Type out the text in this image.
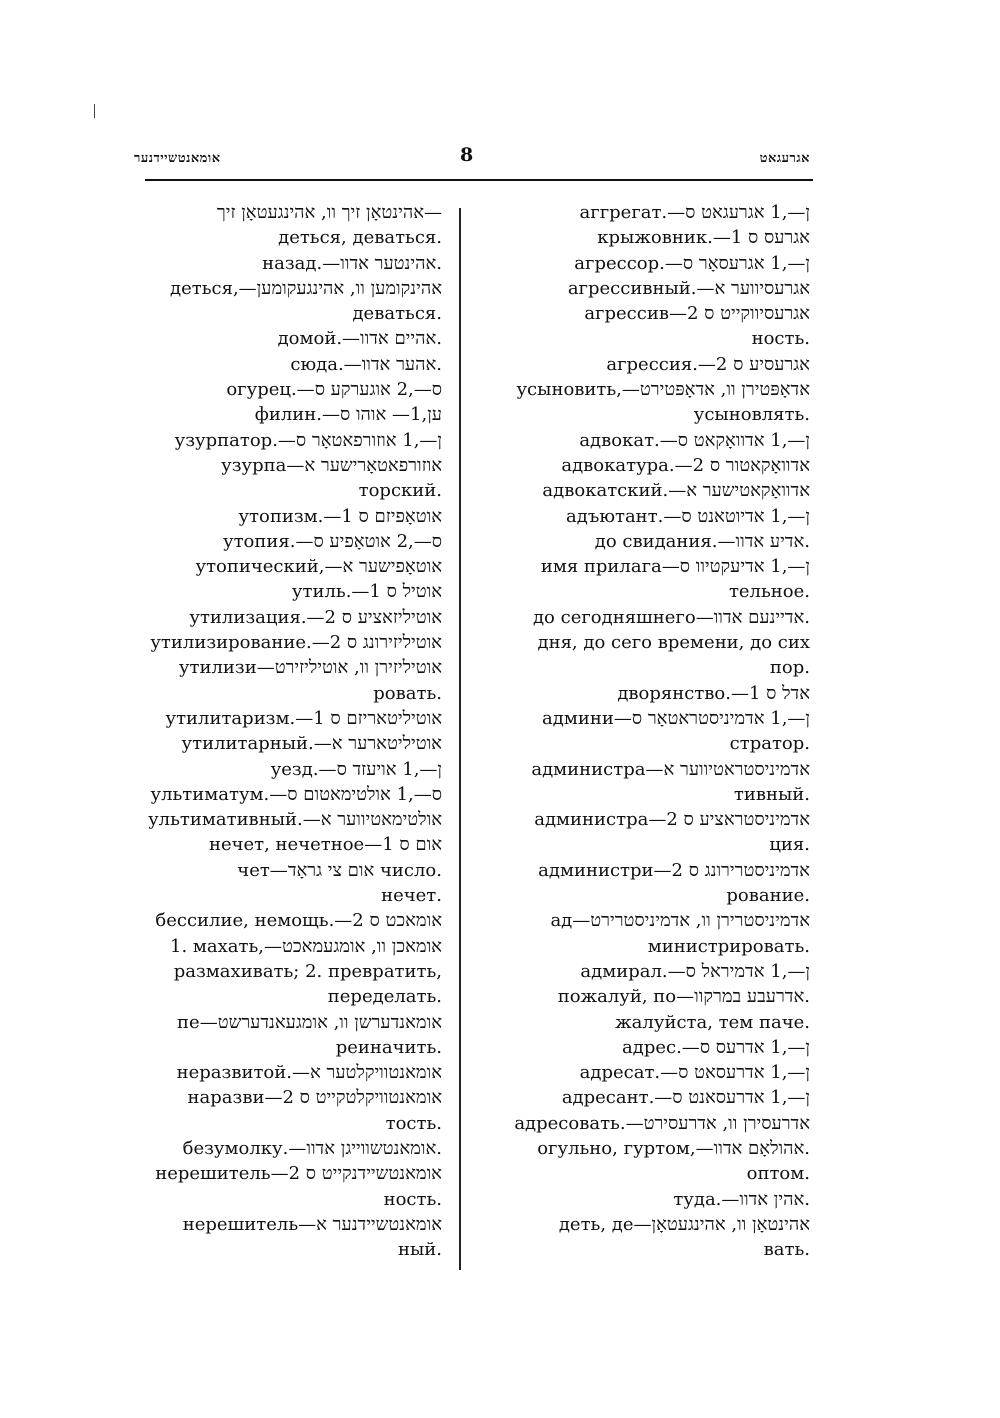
אומאנטשיידנער	8	אגרעגאט
אהינטאָן זיך וו, אהינגעטאָן זיך—
деться, деваться.
назад.—אהינטער אדוו.
деться,—אהינקומען וו, אהינגעקומען
деваться.
домой.—אהיים אדוו.
сюда.—אהער אדוו.
огурец.—ס—,2 אוגערקע ס
филин.—ען,1— אוהו ס
узурпатор.—ן—,1 אוזורפאטאָר ס
узурпа—אוזורפאטאָרישער א
торский.
утопизм.—1 אוטאָפיזם ס
утопия.—ס—,2 אוטאָפיע ס
утопический,—אוטאָפישער א
утиль.—1 אוטיל ס
утилизация.—2 אוטיליזאציע ס
утилизирование.—2 אוטיליזירונג ס
утилизи—אוטיליזירן וו, אוטיליזירט
ровать.
утилитаризм.—1 אוטיליטאריזם ס
утилитарный.—אוטיליטארער א
уезд.—ן—,1 אויעזד ס
ультиматум.—ס—,1 אולטימאטום ס
ультимативный.—אולטימאטיווער א
нечет, нечетное—1 אום ס
чет—אום צי גראָד число.
нечет.
бессилие, немощь.—2 אומאכט ס
1. махать,—אומאכן וו, אומגעמאכט
размахивать; 2. превратить,
переделать.
пе—אומאנדערשן וו, אומגעאנדערשט
реиначить.
неразвитой.—אומאנטוויקלטער א
наразви—2 אומאנטוויקלטקייט ס
тость.
безумолку.—אומאנטשווייגן אדוו.
нерешитель—2 אומאנטשיידנקייט ס
ность.
нерешитель—אומאנטשיידנער א
ный.
аггрегат.—ן—,1 אגרעגאט ס
крыжовник.—1 אגרעס ס
агрессор.—ן—,1 אגרעסאָר ס
агрессивный.—אגרעסיווער א
агрессив—2 אגרעסיווקייט ס
ность.
агрессия.—2 אגרעסיע ס
усыновить,—אדאָפּטירן וו, אדאָפּטירט
усыновлять.
адвокат.—ן—,1 אדוואָקאט ס
адвокатура.—2 אדוואָקאטור ס
адвокатский.—אדוואָקאטישער א
адъютант.—ן—,1 אדיוטאנט ס
до свидания.—אדיע אדוו.
имя прилага—ן—,1 אדיעקטיוו ס
тельное.
до сегодняшнего—אדיינעם אדוו.
дня, до сего времени, до сих
пор.
дворянство.—1 אדל ס
админи—ן—,1 אדמיניסטראטאָר ס
стратор.
администра—אדמיניסטראטיווער א
тивный.
администра—2 אדמיניסטראציע ס
ция.
администри—2 אדמיניסטרירונג ס
рование.
ад—אדמיניסטרירן וו, אדמיניסטרירט
министрировать.
адмирал.—ן—,1 אדמיראל ס
пожалуй, по—אדרעבע במרקוו.
жалуйста, тем паче.
адрес.—ן—,1 אדרעס ס
адресат.—ן—,1 אדרעסאט ס
адресант.—ן—,1 אדרעסאנט ס
адресовать.—אדרעסירן וו, אדרעסירט
огульно, гуртом,—אהולאָם אדוו.
оптом.
туда.—אהין אדוו.
деть, де—אהינטאָן וו, אהינגעטאָן
вать.
